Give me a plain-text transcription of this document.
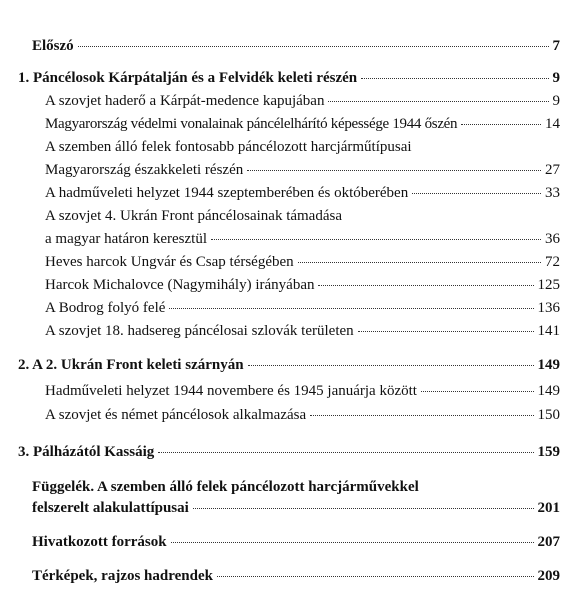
Előszó	7
1. Páncélosok Kárpátalján és a Felvidék keleti részén	9
A szovjet haderő a Kárpát-medence kapujában	9
Magyarország védelmi vonalainak páncélelhárító képessége 1944 őszén	14
A szemben álló felek fontosabb páncélozott harcjárműtípusai
Magyarország északkeleti részén	27
A hadműveleti helyzet 1944 szeptemberében és októberében	33
A szovjet 4. Ukrán Front páncélosainak támadása
a magyar határon keresztül	36
Heves harcok Ungvár és Csap térségében	72
Harcok Michalovce (Nagymihály) irányában	125
A Bodrog folyó felé	136
A szovjet 18. hadsereg páncélosai szlovák területen	141
2. A 2. Ukrán Front keleti szárnyán	149
Hadműveleti helyzet 1944 novembere és 1945 januárja között	149
A szovjet és német páncélosok alkalmazása	150
3. Pálházától Kassáig	159
Függelék. A szemben álló felek páncélozott harcjárművekkel
felszerelt alakulattípusai	201
Hivatkozott források	207
Térképek, rajzos hadrendek	209
